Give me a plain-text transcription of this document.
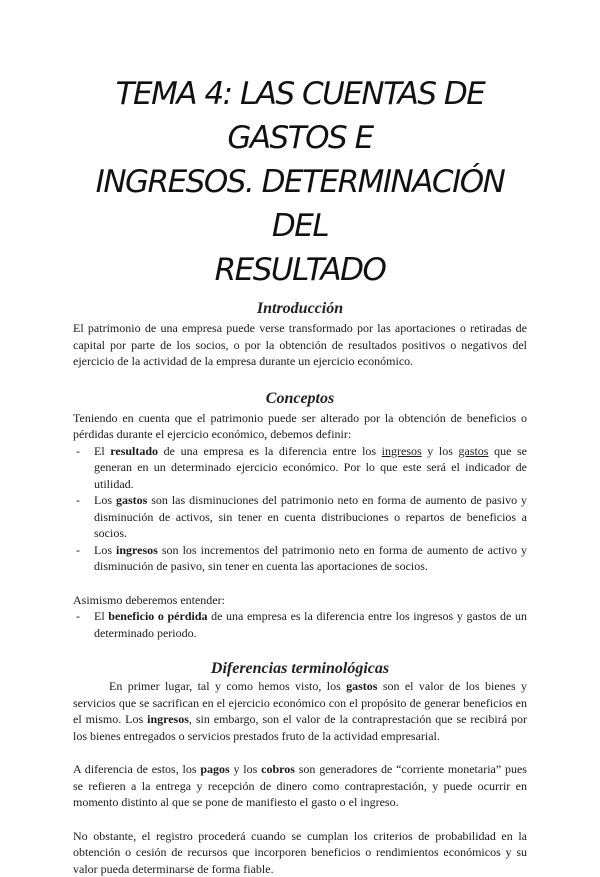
TEMA 4: LAS CUENTAS DE GASTOS E
INGRESOS. DETERMINACIÓN DEL
RESULTADO
Introducción

El patrimonio de una empresa puede verse transformado por las aportaciones o retiradas de capital por parte de los socios, o por la obtención de resultados positivos o negativos del ejercicio de la actividad de la empresa durante un ejercicio económico.

Conceptos

Teniendo en cuenta que el patrimonio puede ser alterado por la obtención de beneficios o pérdidas durante el ejercicio económico, debemos definir:

- El resultado de una empresa es la diferencia entre los ingresos y los gastos que se generan en un determinado ejercicio económico. Por lo que este será el indicador de utilidad.
- Los gastos son las disminuciones del patrimonio neto en forma de aumento de pasivo y disminución de activos, sin tener en cuenta distribuciones o repartos de beneficios a socios.
- Los ingresos son los incrementos del patrimonio neto en forma de aumento de activo y disminución de pasivo, sin tener en cuenta las aportaciones de socios.

Asimismo deberemos entender:

- El beneficio o pérdida de una empresa es la diferencia entre los ingresos y gastos de un determinado periodo.
Diferencias terminológicas

En primer lugar, tal y como hemos visto, los gastos son el valor de los bienes y servicios que se sacrifican en el ejercicio económico con el propósito de generar beneficios en el mismo. Los ingresos, sin embargo, son el valor de la contraprestación que se recibirá por los bienes entregados o servicios prestados fruto de la actividad empresarial.

A diferencia de estos, los pagos y los cobros son generadores de “corriente monetaria” pues se refieren a la entrega y recepción de dinero como contraprestación, y puede ocurrir en momento distinto al que se pone de manifiesto el gasto o el ingreso.

No obstante, el registro procederá cuando se cumplan los criterios de probabilidad en la obtención o cesión de recursos que incorporen beneficios o rendimientos económicos y su valor pueda determinarse de forma fiable.
